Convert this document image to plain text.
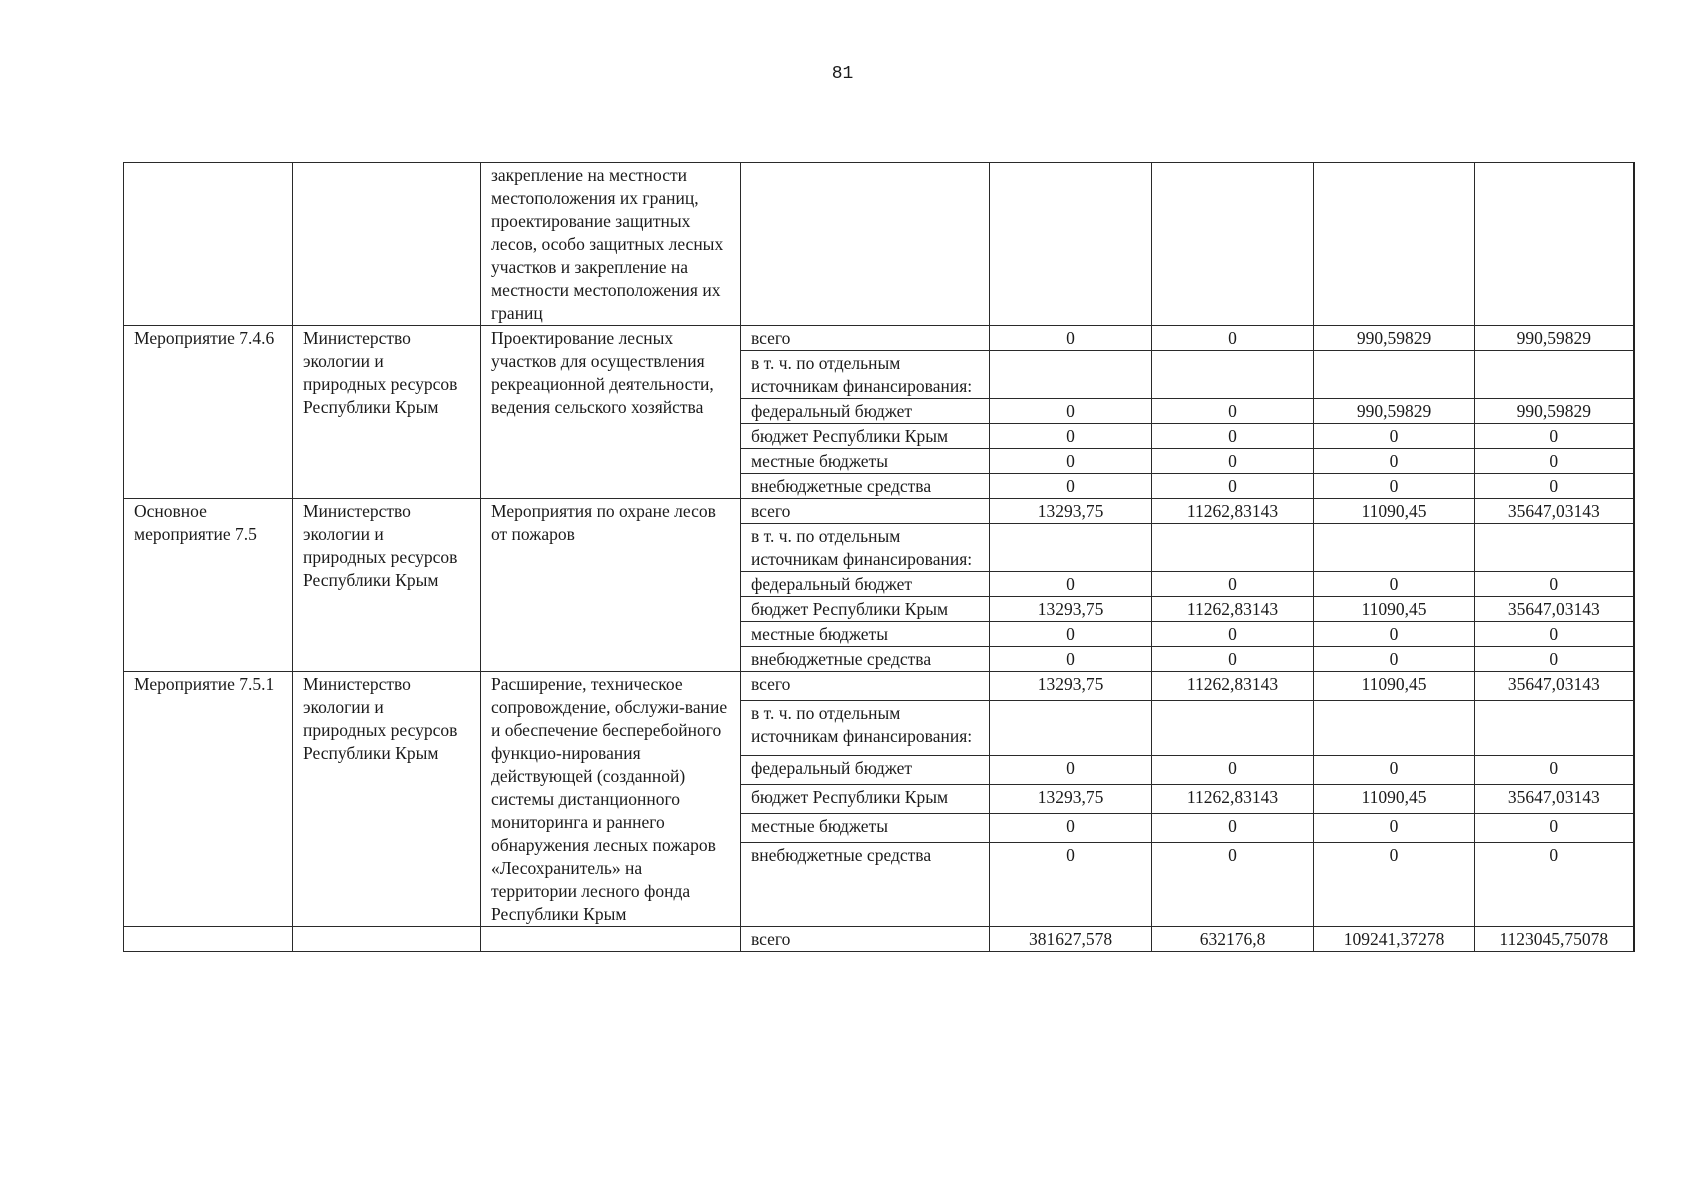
81
		закрепление на местности местоположения их границ, проектирование защитных лесов, особо защитных лесных участков и закрепление на местности местоположения их границ					
Мероприятие 7.4.6	Министерство экологии и природных ресурсов Республики Крым	Проектирование лесных участков для осуществления рекреационной деятельности, ведения сельского хозяйства	всего	0	0	990,59829	990,59829
			в т. ч. по отдельным источникам финансирования:				
			федеральный бюджет	0	0	990,59829	990,59829
			бюджет Республики Крым	0	0	0	0
			местные бюджеты	0	0	0	0
			внебюджетные средства	0	0	0	0
Основное мероприятие 7.5	Министерство экологии и природных ресурсов Республики Крым	Мероприятия по охране лесов от пожаров	всего	13293,75	11262,83143	11090,45	35647,03143
			в т. ч. по отдельным источникам финансирования:				
			федеральный бюджет	0	0	0	0
			бюджет Республики Крым	13293,75	11262,83143	11090,45	35647,03143
			местные бюджеты	0	0	0	0
			внебюджетные средства	0	0	0	0
Мероприятие 7.5.1	Министерство экологии и природных ресурсов Республики Крым	Расширение, техническое сопровождение, обслужи-вание и обеспечение бесперебойного функцио-нирования действующей (созданной) системы дистанционного мониторинга и раннего обнаружения лесных пожаров «Лесохранитель» на территории лесного фонда Республики Крым	всего	13293,75	11262,83143	11090,45	35647,03143
			в т. ч. по отдельным источникам финансирования:				
			федеральный бюджет	0	0	0	0
			бюджет Республики Крым	13293,75	11262,83143	11090,45	35647,03143
			местные бюджеты	0	0	0	0
			внебюджетные средства	0	0	0	0
			всего	381627,578	632176,8	109241,37278	1123045,75078
